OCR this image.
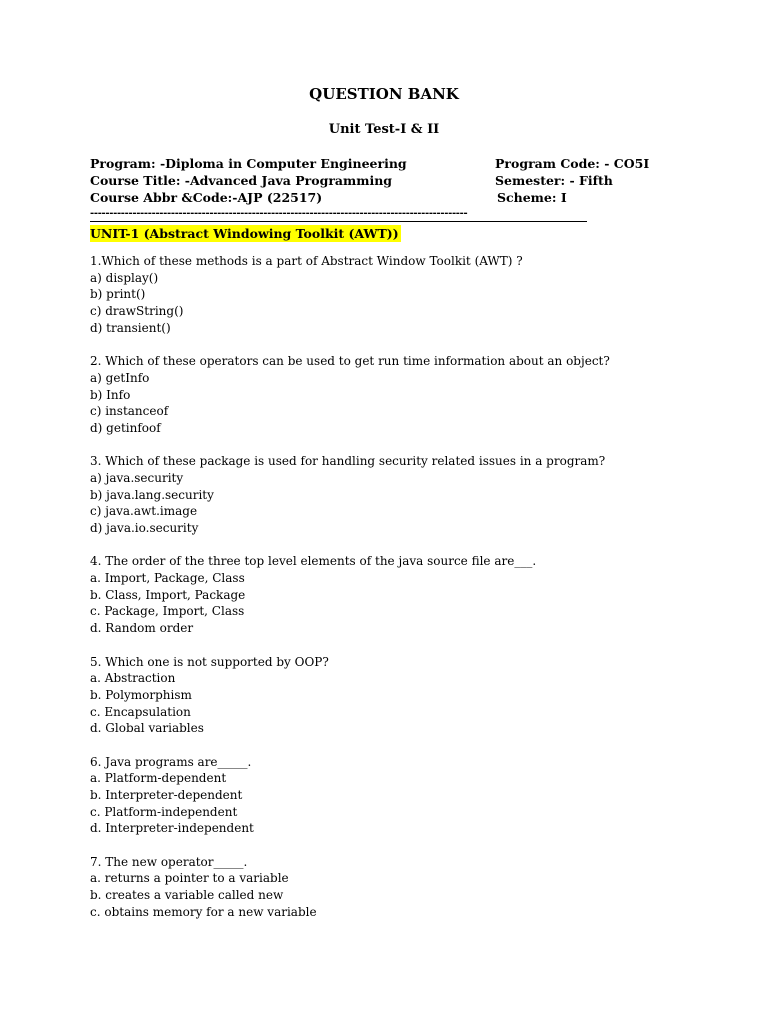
QUESTION BANK
Unit Test-I & II
Program: -Diploma in Computer Engineering	Program Code: - CO5I
Course Title: -Advanced Java Programming	Semester: - Fifth
Course Abbr &Code:-AJP (22517)	Scheme: I
--------------------------------------------------------------------------------------------------
UNIT-1 (Abstract Windowing Toolkit (AWT))
1.Which of these methods is a part of Abstract Window Toolkit (AWT) ?
a) display()
b) print()
c) drawString()
d) transient()
2. Which of these operators can be used to get run time information about an object?
a) getInfo
b) Info
c) instanceof
d) getinfoof
3. Which of these package is used for handling security related issues in a program?
a) java.security
b) java.lang.security
c) java.awt.image
d) java.io.security
4. The order of the three top level elements of the java source file are___.
a. Import, Package, Class
b. Class, Import, Package
c. Package, Import, Class
d. Random order
5. Which one is not supported by OOP?
a. Abstraction
b. Polymorphism
c. Encapsulation
d. Global variables
6. Java programs are_____.
a. Platform-dependent
b. Interpreter-dependent
c. Platform-independent
d. Interpreter-independent
7. The new operator_____.
a. returns a pointer to a variable
b. creates a variable called new
c. obtains memory for a new variable
